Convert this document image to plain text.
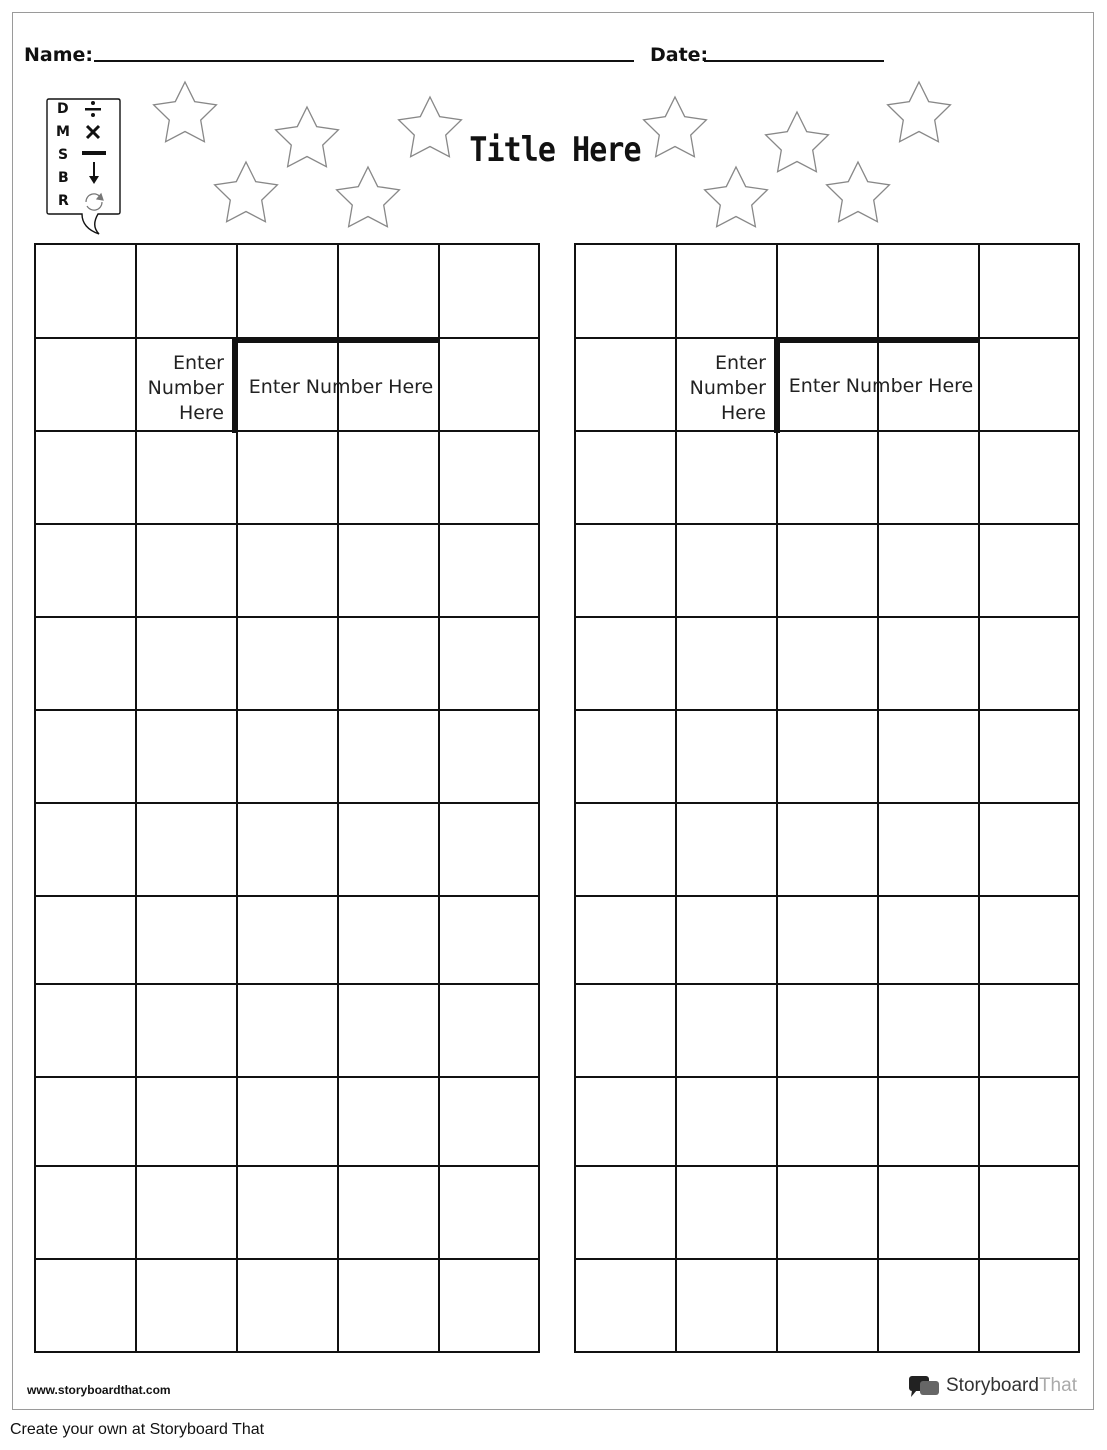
Name:	Date:
Title Here
D
M
S
B
R
Enter
Number
Here
Enter Number Here
Enter
Number
Here
Enter Number Here
www.storyboardthat.com	StoryboardThat
Create your own at Storyboard That
